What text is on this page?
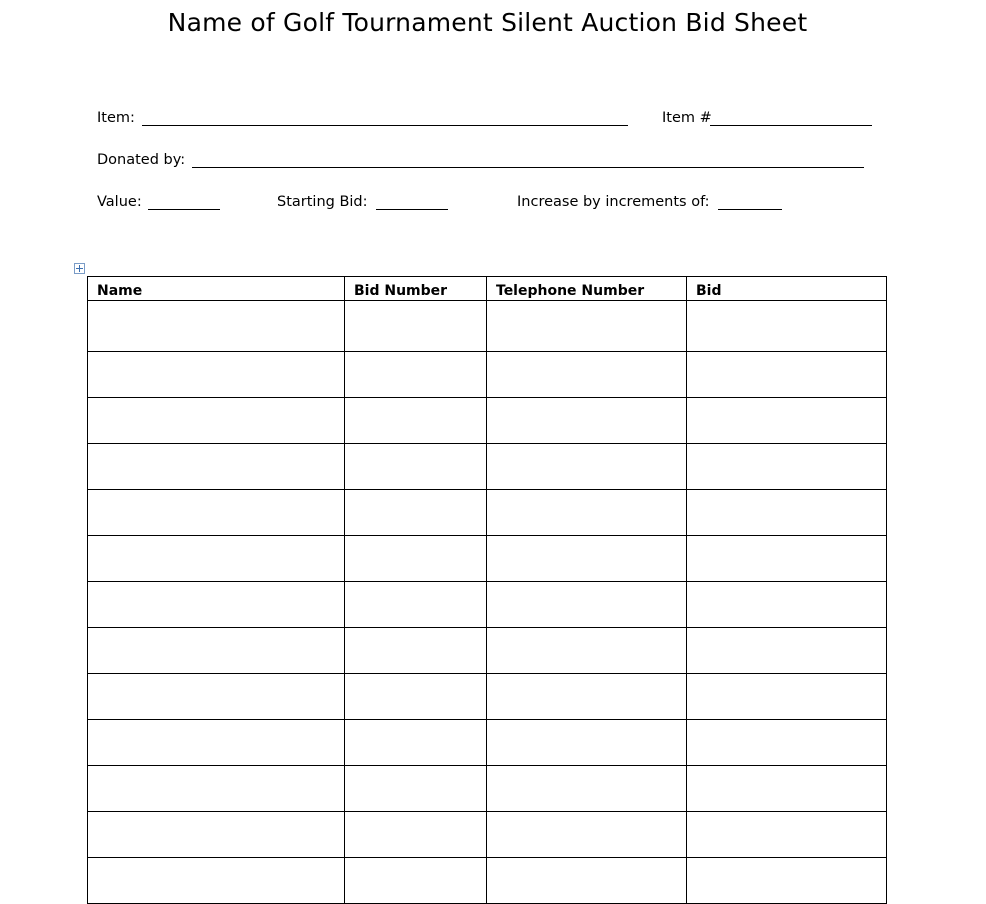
Name of Golf Tournament Silent Auction Bid Sheet
Item:	Item #
Donated by:
Value:	Starting Bid:	Increase by increments of:
Name	Bid Number	Telephone Number	Bid
